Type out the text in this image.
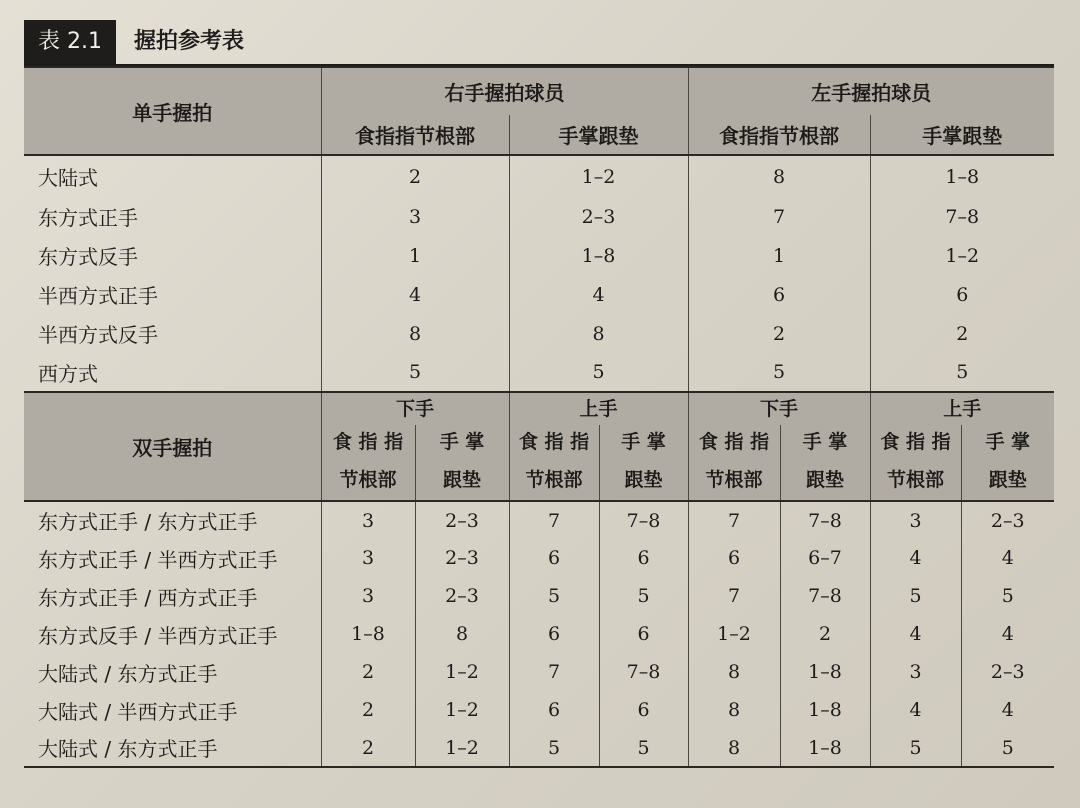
表 2.1	握拍参考表
单手握拍	右手握拍球员				左手握拍球员			
	食指指节根部		手掌跟垫		食指指节根部		手掌跟垫	
大陆式	2		1–2		8		1–8	
东方式正手	3		2–3		7		7–8	
东方式反手	1		1–8		1		1–2	
半西方式正手	4		4		6		6	
半西方式反手	8		8		2		2	
西方式	5		5		5		5	
双手握拍	下手		上手		下手		上手	
	食 指 指	手 掌	食 指 指	手 掌	食 指 指	手 掌	食 指 指	手 掌
	节根部	跟垫	节根部	跟垫	节根部	跟垫	节根部	跟垫
东方式正手 / 东方式正手	3	2–3	7	7–8	7	7–8	3	2–3
东方式正手 / 半西方式正手	3	2–3	6	6	6	6–7	4	4
东方式正手 / 西方式正手	3	2–3	5	5	7	7–8	5	5
东方式反手 / 半西方式正手	1–8	8	6	6	1–2	2	4	4
大陆式 / 东方式正手	2	1–2	7	7–8	8	1–8	3	2–3
大陆式 / 半西方式正手	2	1–2	6	6	8	1–8	4	4
大陆式 / 东方式正手	2	1–2	5	5	8	1–8	5	5
